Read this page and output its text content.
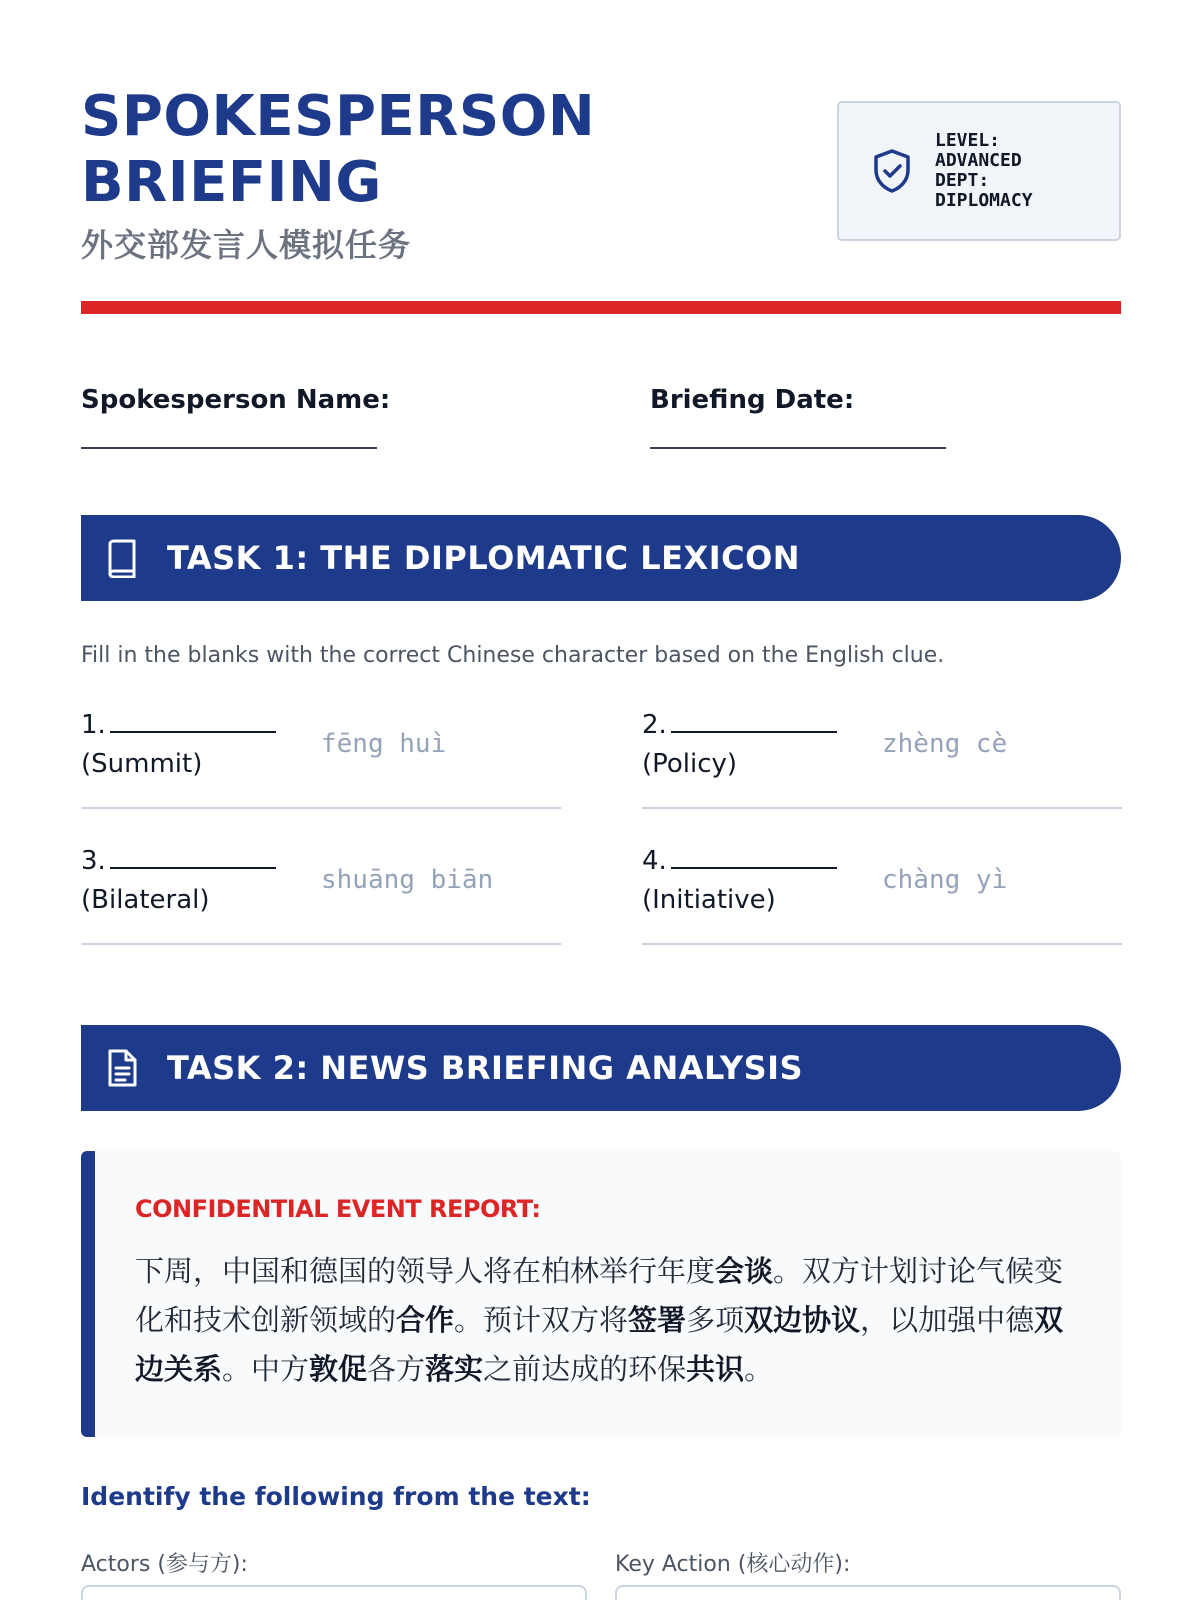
SPOKESPERSON
BRIEFING
外交部发言人模拟任务
LEVEL:
ADVANCED
DEPT:
DIPLOMACY
Spokesperson Name:	Briefing Date:
TASK 1: THE DIPLOMATIC LEXICON
Fill in the blanks with the correct Chinese character based on the English clue.
1.
(Summit)
fēng huì
2.
(Policy)
zhèng cè
3.
(Bilateral)
shuāng biān
4.
(Initiative)
chàng yì
TASK 2: NEWS BRIEFING ANALYSIS
CONFIDENTIAL EVENT REPORT:
下周，中国和德国的领导人将在柏林举行年度会谈。双方计划讨论气候变化和技术创新领域的合作。预计双方将签署多项双边协议，以加强中德双边关系。中方敦促各方落实之前达成的环保共识。
Identify the following from the text:
Actors (参与方):	Key Action (核心动作):
